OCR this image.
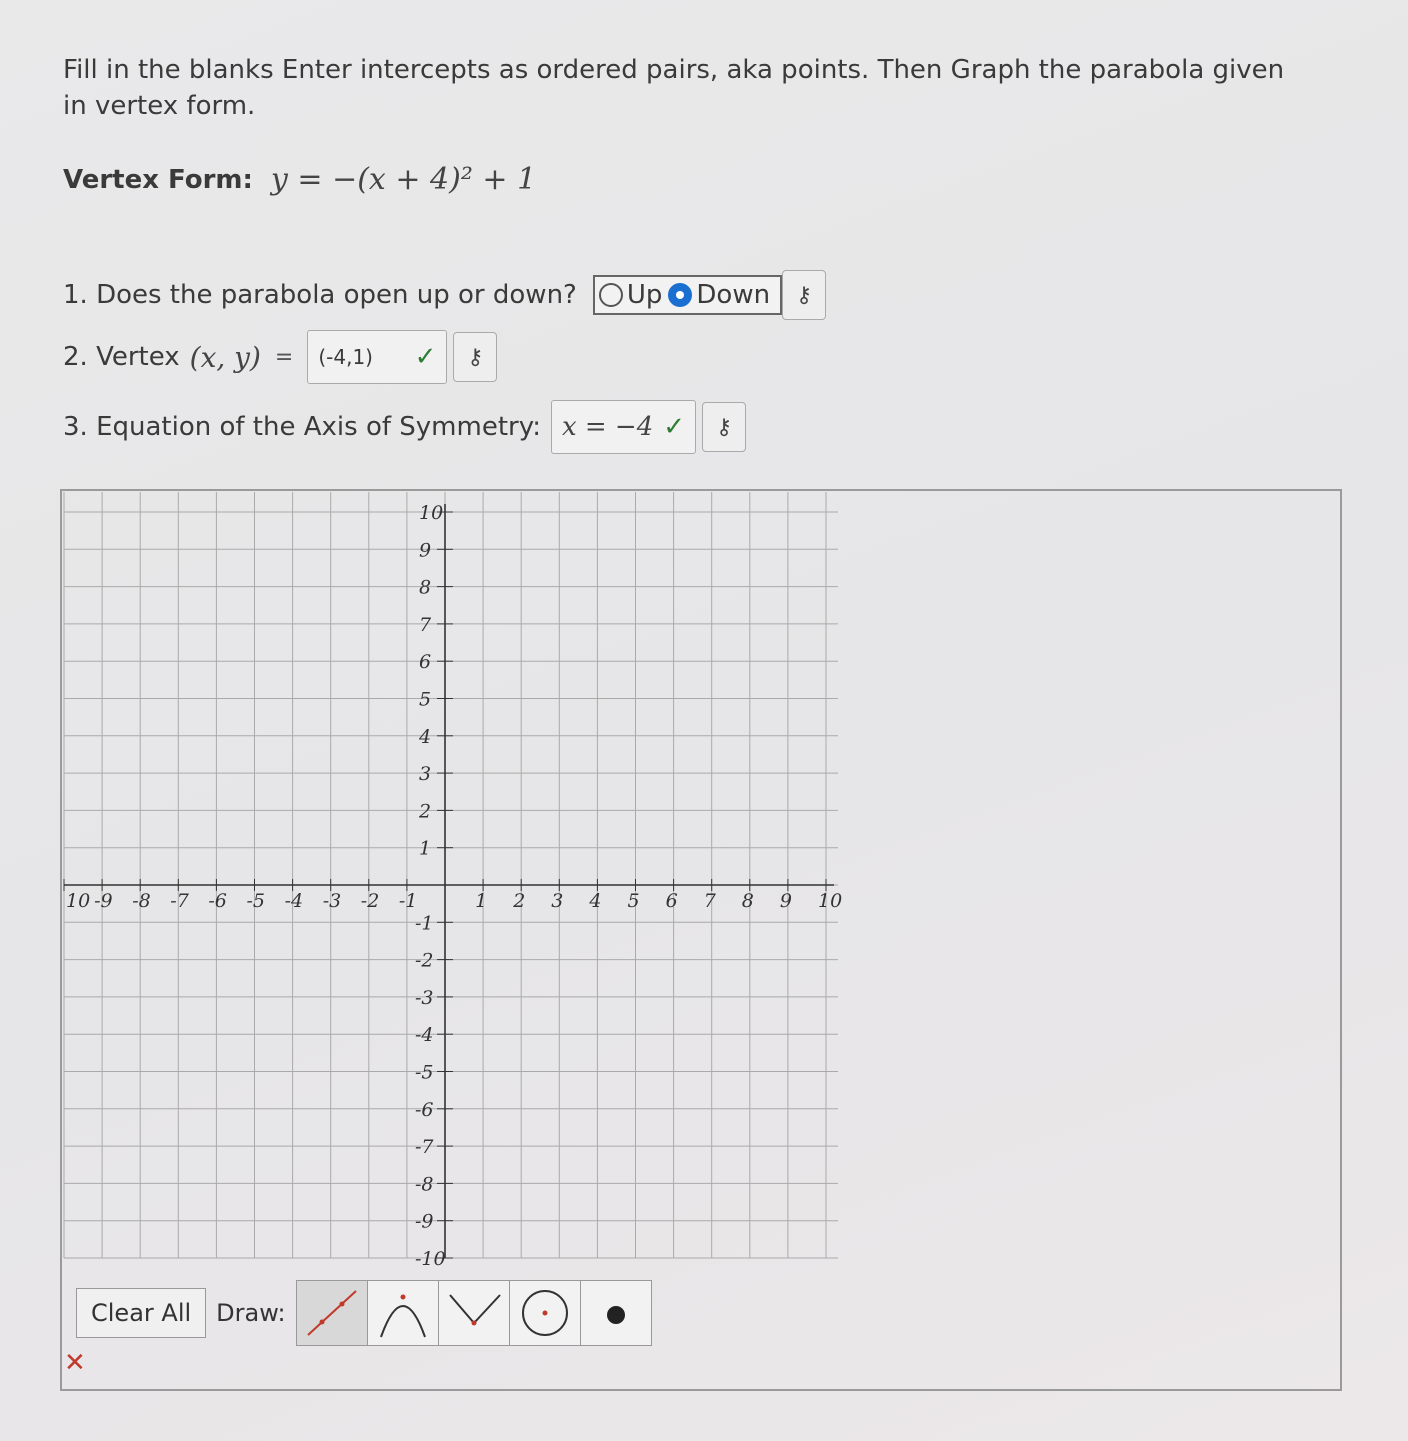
Fill in the blanks Enter intercepts as ordered pairs, aka points. Then Graph the parabola given in vertex form.
Vertex Form: y = −(x + 4)² + 1
1. Does the parabola open up or down? Up Down	⚷
2. Vertex (x, y) = (-4,1) ✓	⚷
3. Equation of the Axis of Symmetry: x = −4 ✓	⚷
10 -9 -8 -7 -6 -5 -4 -3 -2 -1	1 2 3 4 5 6 7 8 9 10
10
9
8
7
6
5
4
3
2
1
-1
-2
-3
-4
-5
-6
-7
-8
-9
-10
Clear All	Draw:
✕
